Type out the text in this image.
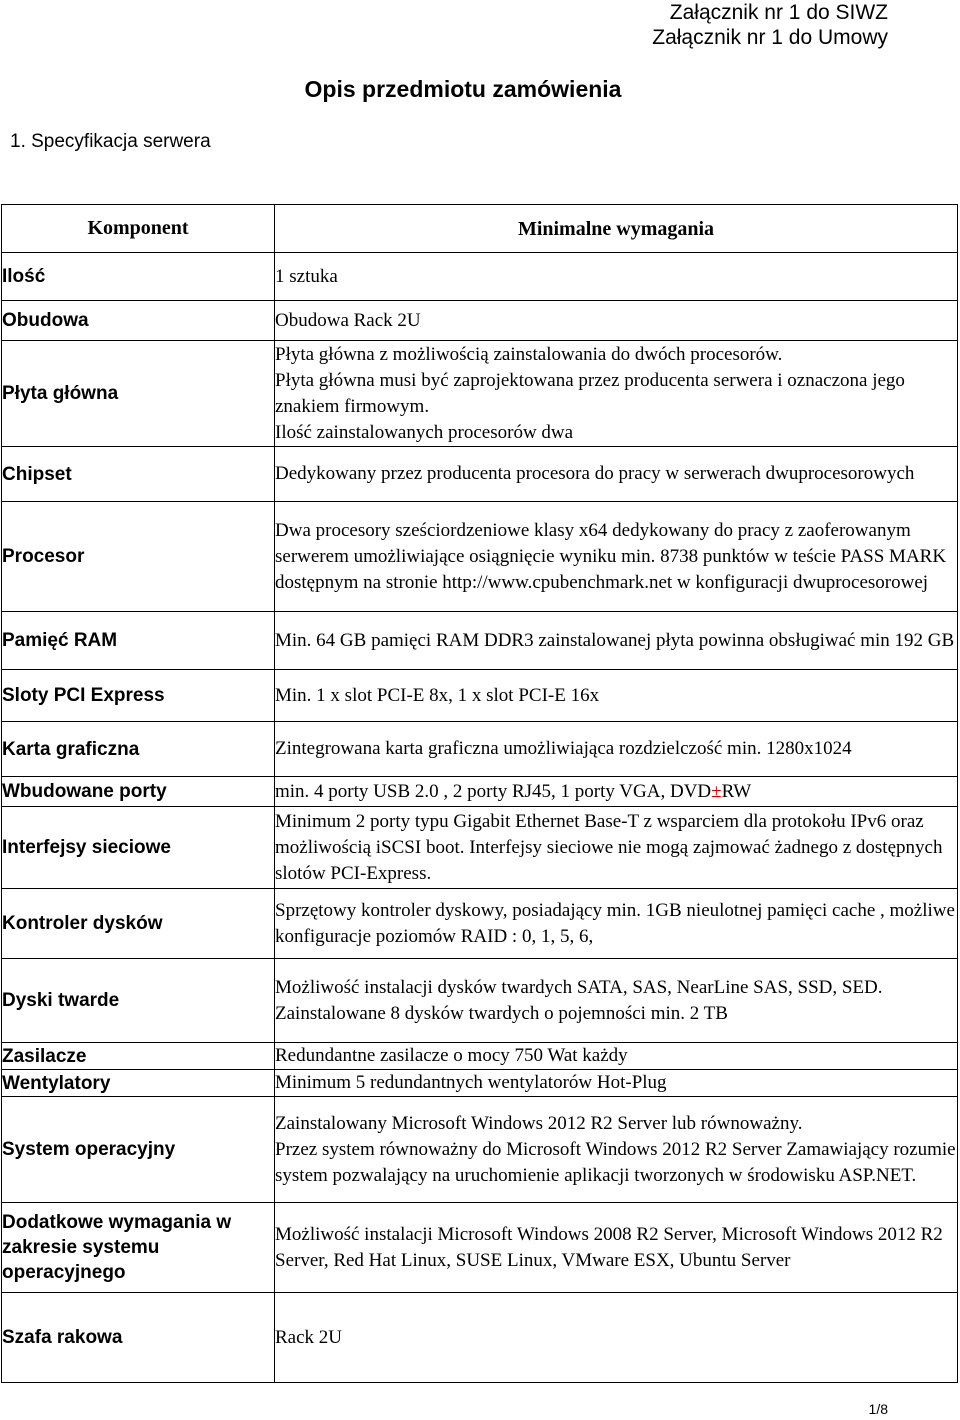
Załącznik nr 1 do SIWZ
Załącznik nr 1 do Umowy
Opis przedmiotu zamówienia
1. Specyfikacja serwera
Komponent	Minimalne wymagania
Ilość	1 sztuka
Obudowa	Obudowa Rack 2U
Płyta główna	Płyta główna z możliwością zainstalowania do dwóch procesorów.
Płyta główna musi być zaprojektowana przez producenta serwera i oznaczona jego znakiem firmowym.
Ilość zainstalowanych procesorów dwa
Chipset	Dedykowany przez producenta procesora do pracy w serwerach dwuprocesorowych
Procesor	Dwa procesory sześciordzeniowe klasy x64 dedykowany do pracy z zaoferowanym serwerem umożliwiające osiągnięcie wyniku min. 8738 punktów w teście PASS MARK dostępnym na stronie http://www.cpubenchmark.net w konfiguracji dwuprocesorowej
Pamięć RAM	Min. 64 GB pamięci RAM DDR3 zainstalowanej płyta powinna obsługiwać min 192 GB
Sloty PCI Express	Min. 1 x slot PCI-E 8x, 1 x slot PCI-E 16x
Karta graficzna	Zintegrowana karta graficzna umożliwiająca rozdzielczość min. 1280x1024
Wbudowane porty	min. 4 porty USB 2.0 , 2 porty RJ45, 1 porty VGA, DVD±RW
Interfejsy sieciowe	Minimum 2 porty typu Gigabit Ethernet Base-T z wsparciem dla protokołu IPv6 oraz możliwością iSCSI boot. Interfejsy sieciowe nie mogą zajmować żadnego z dostępnych slotów PCI-Express.
Kontroler dysków	Sprzętowy kontroler dyskowy, posiadający min. 1GB nieulotnej pamięci cache , możliwe konfiguracje poziomów RAID : 0, 1, 5, 6,
Dyski twarde	Możliwość instalacji dysków twardych SATA, SAS, NearLine SAS, SSD, SED. Zainstalowane 8 dysków twardych o pojemności min. 2 TB
Zasilacze	Redundantne zasilacze o mocy 750 Wat każdy
Wentylatory	Minimum 5 redundantnych wentylatorów Hot-Plug
System operacyjny	Zainstalowany Microsoft Windows 2012 R2 Server lub równoważny.
Przez system równoważny do Microsoft Windows 2012 R2 Server Zamawiający rozumie system pozwalający na uruchomienie aplikacji tworzonych w środowisku ASP.NET.
Dodatkowe wymagania w zakresie systemu operacyjnego	Możliwość instalacji Microsoft Windows 2008 R2 Server, Microsoft Windows 2012 R2 Server, Red Hat Linux, SUSE Linux, VMware ESX, Ubuntu Server
Szafa rakowa	Rack 2U
1/8
